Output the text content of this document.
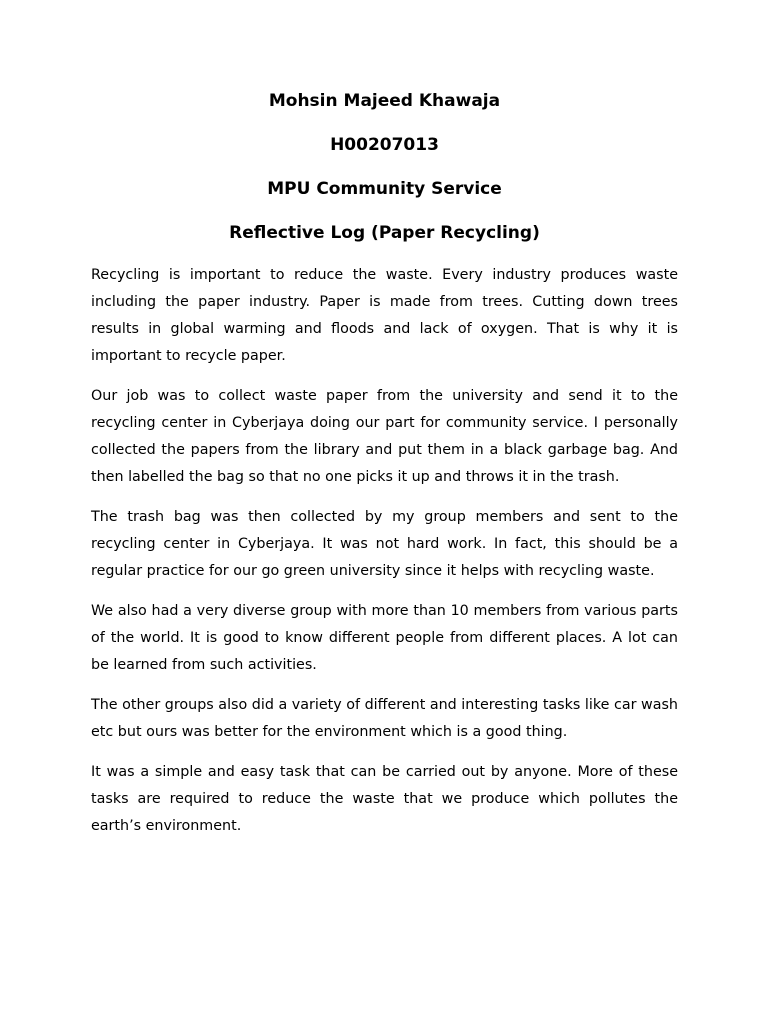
Mohsin Majeed Khawaja

H00207013

MPU Community Service

Reflective Log (Paper Recycling)

Recycling is important to reduce the waste. Every industry produces waste including the paper industry. Paper is made from trees. Cutting down trees results in global warming and floods and lack of oxygen. That is why it is important to recycle paper.

Our job was to collect waste paper from the university and send it to the recycling center in Cyberjaya doing our part for community service. I personally collected the papers from the library and put them in a black garbage bag. And then labelled the bag so that no one picks it up and throws it in the trash.

The trash bag was then collected by my group members and sent to the recycling center in Cyberjaya. It was not hard work. In fact, this should be a regular practice for our go green university since it helps with recycling waste.

We also had a very diverse group with more than 10 members from various parts of the world. It is good to know different people from different places. A lot can be learned from such activities.

The other groups also did a variety of different and interesting tasks like car wash etc but ours was better for the environment which is a good thing.

It was a simple and easy task that can be carried out by anyone. More of these tasks are required to reduce the waste that we produce which pollutes the earth’s environment.
